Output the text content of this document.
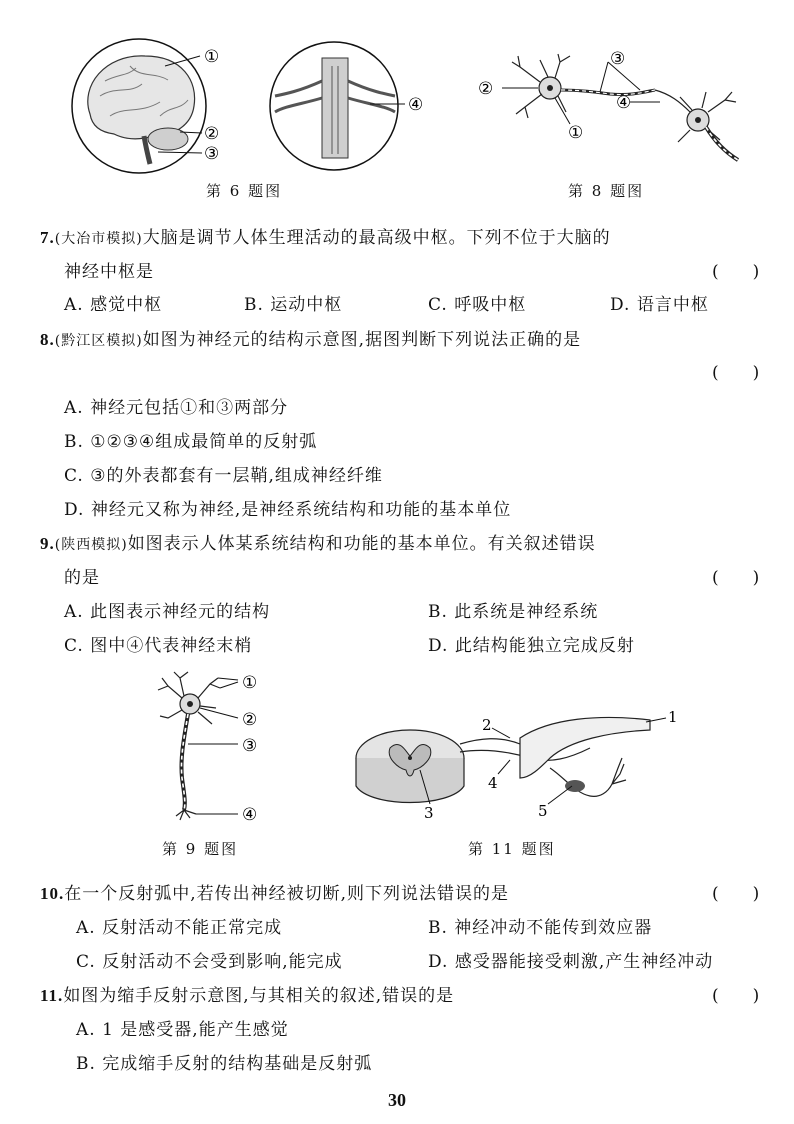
①
②
③
④
第 6 题图
②
①
③
④
第 8 题图
7.(大冶市模拟)大脑是调节人体生理活动的最高级中枢。下列不位于大脑的
神经中枢是	(　　)
A. 感觉中枢	B. 运动中枢	C. 呼吸中枢	D. 语言中枢
8.(黔江区模拟)如图为神经元的结构示意图,据图判断下列说法正确的是
(　　)
A. 神经元包括①和③两部分
B. ①②③④组成最简单的反射弧
C. ③的外表都套有一层鞘,组成神经纤维
D. 神经元又称为神经,是神经系统结构和功能的基本单位
9.(陕西模拟)如图表示人体某系统结构和功能的基本单位。有关叙述错误
的是	(　　)
A. 此图表示神经元的结构	B. 此系统是神经系统
C. 图中④代表神经末梢	D. 此结构能独立完成反射
①
②
③
④
第 9 题图
1
2
3
4
5
第 11 题图
10.在一个反射弧中,若传出神经被切断,则下列说法错误的是	(　　)
A. 反射活动不能正常完成	B. 神经冲动不能传到效应器
C. 反射活动不会受到影响,能完成	D. 感受器能接受刺激,产生神经冲动
11.如图为缩手反射示意图,与其相关的叙述,错误的是	(　　)
A. 1 是感受器,能产生感觉
B. 完成缩手反射的结构基础是反射弧
30
